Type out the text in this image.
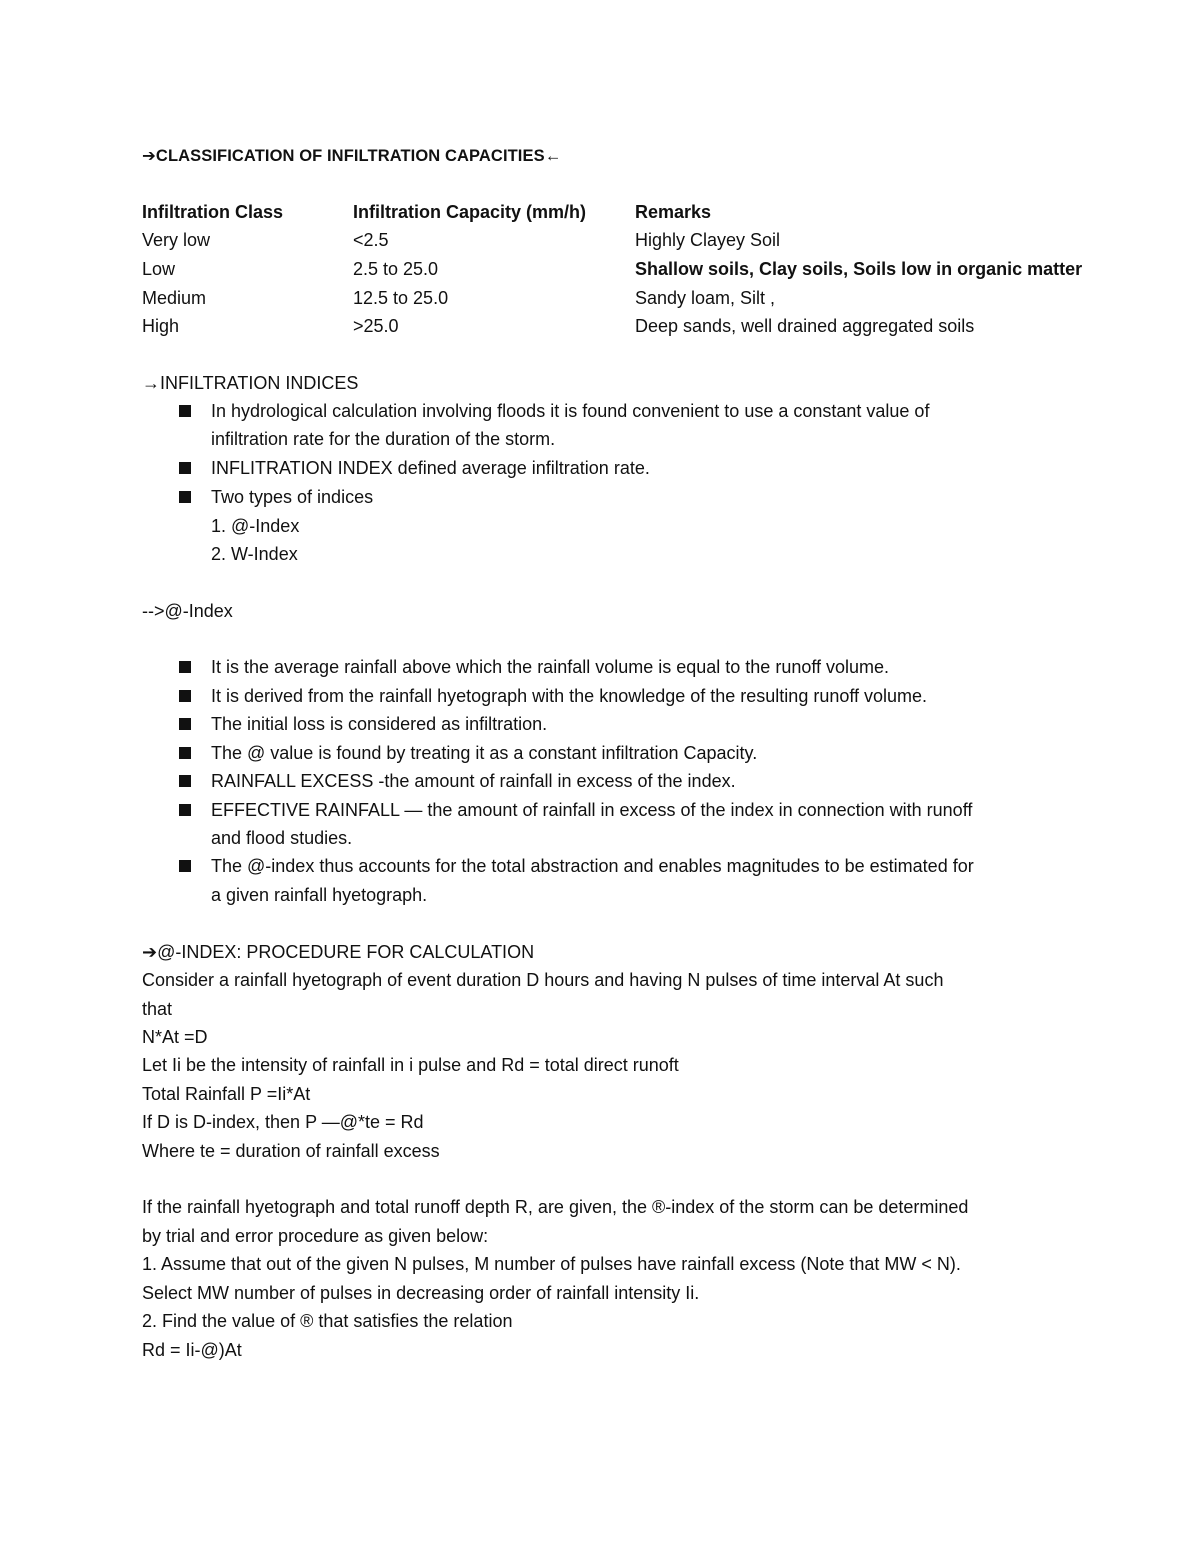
➔CLASSIFICATION OF INFILTRATION CAPACITIES←
Infiltration Class	Infiltration Capacity (mm/h)	Remarks
Very low	<2.5	Highly Clayey Soil
Low	2.5 to 25.0	Shallow soils, Clay soils, Soils low in organic matter
Medium	12.5 to 25.0	Sandy loam, Silt ,
High	>25.0	Deep sands, well drained aggregated soils
→INFILTRATION INDICES
In hydrological calculation involving floods it is found convenient to use a constant value of
infiltration rate for the duration of the storm.
INFLITRATION INDEX defined average infiltration rate.
Two types of indices
1. @-Index
2. W-Index
-->@-Index
It is the average rainfall above which the rainfall volume is equal to the runoff volume.
It is derived from the rainfall hyetograph with the knowledge of the resulting runoff volume.
The initial loss is considered as infiltration.
The @ value is found by treating it as a constant infiltration Capacity.
RAINFALL EXCESS -the amount of rainfall in excess of the index.
EFFECTIVE RAINFALL — the amount of rainfall in excess of the index in connection with runoff
and flood studies.
The @-index thus accounts for the total abstraction and enables magnitudes to be estimated for
a given rainfall hyetograph.
➔@-INDEX: PROCEDURE FOR CALCULATION
Consider a rainfall hyetograph of event duration D hours and having N pulses of time interval At such
that
N*At =D
Let Ii be the intensity of rainfall in i pulse and Rd = total direct runoft
Total Rainfall P =Ii*At
If D is D-index, then P —@*te = Rd
Where te = duration of rainfall excess
If the rainfall hyetograph and total runoff depth R, are given, the ®-index of the storm can be determined
by trial and error procedure as given below:
1. Assume that out of the given N pulses, M number of pulses have rainfall excess (Note that MW < N).
Select MW number of pulses in decreasing order of rainfall intensity Ii.
2. Find the value of ® that satisfies the relation
Rd = Ii-@)At
